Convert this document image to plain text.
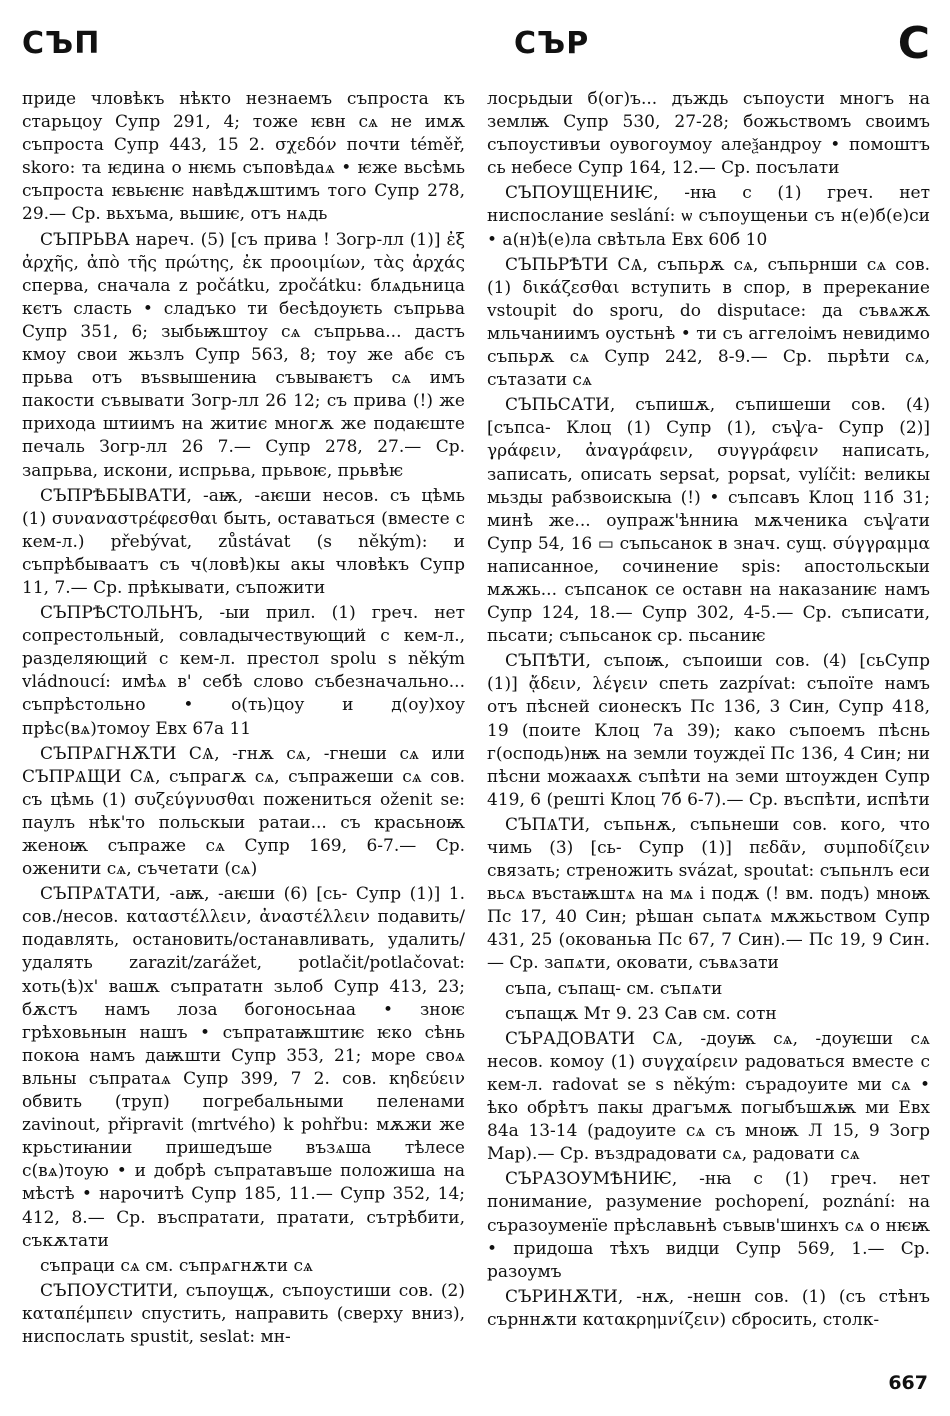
СЪП	СЪР	С

приде чловѣкъ нѣкто незнаемъ съпроста къ старьцоу Супр 291, 4; тоже ѥвн сѧ не имѫ съпроста Супр 443, 15 2. σχεδόν почти téměř, skoro: та ѥдина о нѥмь съповѣдаѧ • ѥже вьсѣмь съпроста ѥвьѥнѥ навѣдѫштимъ того Супр 278, 29.— Ср. вьхъма, вьшиѥ, отъ нѧдь

СЪПРЬВА нареч. (5) [съ прива ! Зогр-лл (1)] ἐξ ἀρχῆς, ἀπὸ τῆς πρώτης, ἐκ προοιμίων, τὰς ἀρχάς сперва, сначала z počátku, zpočátku: блѧдьница кєтъ сласть • сладъко ти бесѣдоуѥть съпрьва Супр 351, 6; зыбьѭштоу сѧ съпрьва... дастъ кмоу свои жьзлъ Супр 563, 8; тоу же абє съ прьва отъ въѕвышениꙗ съвываѥтъ сѧ имъ пакости съвывати Зогр-лл 26 12; съ прива (!) же прихода штиимъ на житиє многѫ же подаѥште печаль Зогр-лл 26 7.— Супр 278, 27.— Ср. запрьва, искони, испрьва, прьвоѥ, прьвѣѥ

СЪПРѢБЫВАТИ, -аѭ, -аѥши несов. съ цѣмь (1) συναναστρέφεσθαι быть, оставаться (вместе с кем-л.) přebývat, zůstávat (s někým): и съпрѣбываатъ съ ч(ловѣ)кы акы чловѣкъ Супр 11, 7.— Ср. прѣкывати, съпожити

СЪПРѢСТОЛЬНЪ, -ыи прил. (1) греч. нет сопрестольный, совладычествующий с кем-л., разделяющий с кем-л. престол spolu s někým vládnoucí: имѣѧ в' себѣ слово събезначально... съпрѣстольно • о(ть)цоу и д(оу)хоу прѣс(вѧ)томоу Евх 67а 11

СЪПРѦГНѪТИ СѦ, -гнѫ сѧ, -гнеши сѧ или СЪПРѦЩИ СѦ, съпрагѫ сѧ, съпражеши сѧ сов. съ цѣмь (1) συζεύγνυσθαι пожениться oženit se: паулъ нѣк'то польскыи ратаи... съ красьноѭ женоѭ съпраже сѧ Супр 169, 6-7.— Ср. оженити сѧ, съчетати (сѧ)

СЪПРѦТАТИ, -аѭ, -аѥши (6) [сь- Супр (1)] 1. сов./несов. καταστέλλειν, ἀναστέλλειν подавить/подавлять, остановить/останавливать, удалить/удалять zarazit/zarážet, potlačit/potlačovat: хоть(ѣ)х' вашѫ съпрататн зьлоб Супр 413, 23; бѫстъ намъ лоза богоносьнаа • зноѥ грѣховьнын нашъ • съпратаѭштиѥ ѥко сѣнь покоꙗ намъ даѭшти Супр 353, 21; море своѧ вльны съпратаѧ Супр 399, 7 2. сов. κηδεύειν обвить (труп) погребальными пеленами zavinout, připravit (mrtvého) k pohřbu: мѫжи же крьстиꙗнии пришедъше възѧша тѣлесе с(вѧ)тоую • и добрѣ съпратавъше положиша на мѣстѣ • нарочитѣ Супр 185, 11.— Супр 352, 14; 412, 8.— Ср. въспратати, пратати, сътрѣбити, съкѫтати

съпраци сѧ см. съпрѧгнѫти сѧ

СЪПОУСТИТИ, съпоущѫ, съпоустиши сов. (2) καταπέμπειν спустить, направить (сверху вниз), ниспослать spustit, seslat: мн-

лосрьдыи б(ог)ъ... дъждь съпоусти многъ на землѭ Супр 530, 27-28; божьствомъ своимъ съпоустивъи оувогоумоу алеѯандроу • помоштъ сь небесе Супр 164, 12.— Ср. посълати

СЪПОУЩЕНИѤ, -нꙗ с (1) греч. нет ниспослание seslání: ѡ съпоущеньи съ н(е)б(е)си • а(н)ѣ(е)ла свѣтьла Евх 60б 10

СЪПЬРѢТИ СѦ, съпьрѫ сѧ, съпьрнши сѧ сов. (1) δικάζεσθαι вступить в спор, в пререкание vstoupit do sporu, do disputace: да съвѧжѫ мльчаниимъ оустьнѣ • ти съ аггелоімъ невидимо съпьрѫ сѧ Супр 242, 8-9.— Ср. пьрѣти сѧ, сътазати сѧ

СЪПЬСАТИ, съпишѫ, съпишеши сов. (4) [съпса- Клоц (1) Супр (1), съѱа- Супр (2)] γράφειν, ἀναγράφειν, συγγράφειν написать, записать, описать sepsat, popsat, vylíčit: великы мьзды рабзвоискыꙗ (!) • съпсавъ Клоц 11б 31; минѣ же... оупраж'ѣнниꙗ мѫченика съѱати Супр 54, 16 ▭ съпьсанок в знач. сущ. σύγγραμμα написанное, сочинение spis: апостольскыи мѫжь... съпсанок се оставн на наказаниѥ намъ Супр 124, 18.— Супр 302, 4-5.— Ср. съписати, пьсати; съпьсанок ср. пьсаниѥ

СЪПѢТИ, съпоѭ, съпоиши сов. (4) [сьСупр (1)] ᾄδειν, λέγειν спеть zazpívat: съпоїте намъ отъ пѣсней сионескъ Пс 136, 3 Син, Супр 418, 19 (поите Клоц 7а 39); како съпоемъ пѣснь г(осподь)нѭ на земли тоуждеї Пс 136, 4 Син; ни пѣсни можаахѫ съпѣти на земи штоужден Супр 419, 6 (решті Клоц 7б 6-7).— Ср. въспѣти, испѣти

СЪПѦТИ, съпьнѫ, съпьнеши сов. кого, что чимь (3) [сь- Супр (1)] πεδᾶν, συμποδίζειν связать; стреножить svázat, spoutat: съпьнлъ еси вьсѧ въстаѭштѧ на мѧ і подѫ (! вм. подъ) мноѭ Пс 17, 40 Син; рѣшан сьпатѧ мѫжьством Супр 431, 25 (окованьꙗ Пс 67, 7 Син).— Пс 19, 9 Син.— Ср. запѧти, оковати, съвѧзати

съпа, съпащ- см. съпѧти

съпащѫ Мт 9. 23 Сав см. сотн

СЪРАДОВАТИ СѦ, -доуѭ сѧ, -доуѥши сѧ несов. комоу (1) συγχαίρειν радоваться вместе с кем-л. radovat se s někým: сърадоуите ми сѧ • ѣко обрѣтъ пакы драгъмѫ погыбъшѫѭ ми Евх 84а 13-14 (радоуите сѧ съ мноѭ Л 15, 9 Зогр Мар).— Ср. въздрадовати сѧ, радовати сѧ

СЪРАЗОУМѢНИѤ, -нꙗ с (1) греч. нет понимание, разумение pochopení, poznání: на съразоуменїе прѣславьнѣ съвыв'шинхъ сѧ о нѥѭ • придоша тѣхъ видци Супр 569, 1.— Ср. разоумъ

СЪРИНѪТИ, -нѫ, -нешн сов. (1) (съ стѣнъ сърннѫти κατακρημνίζειν) сбросить, столк-

667
